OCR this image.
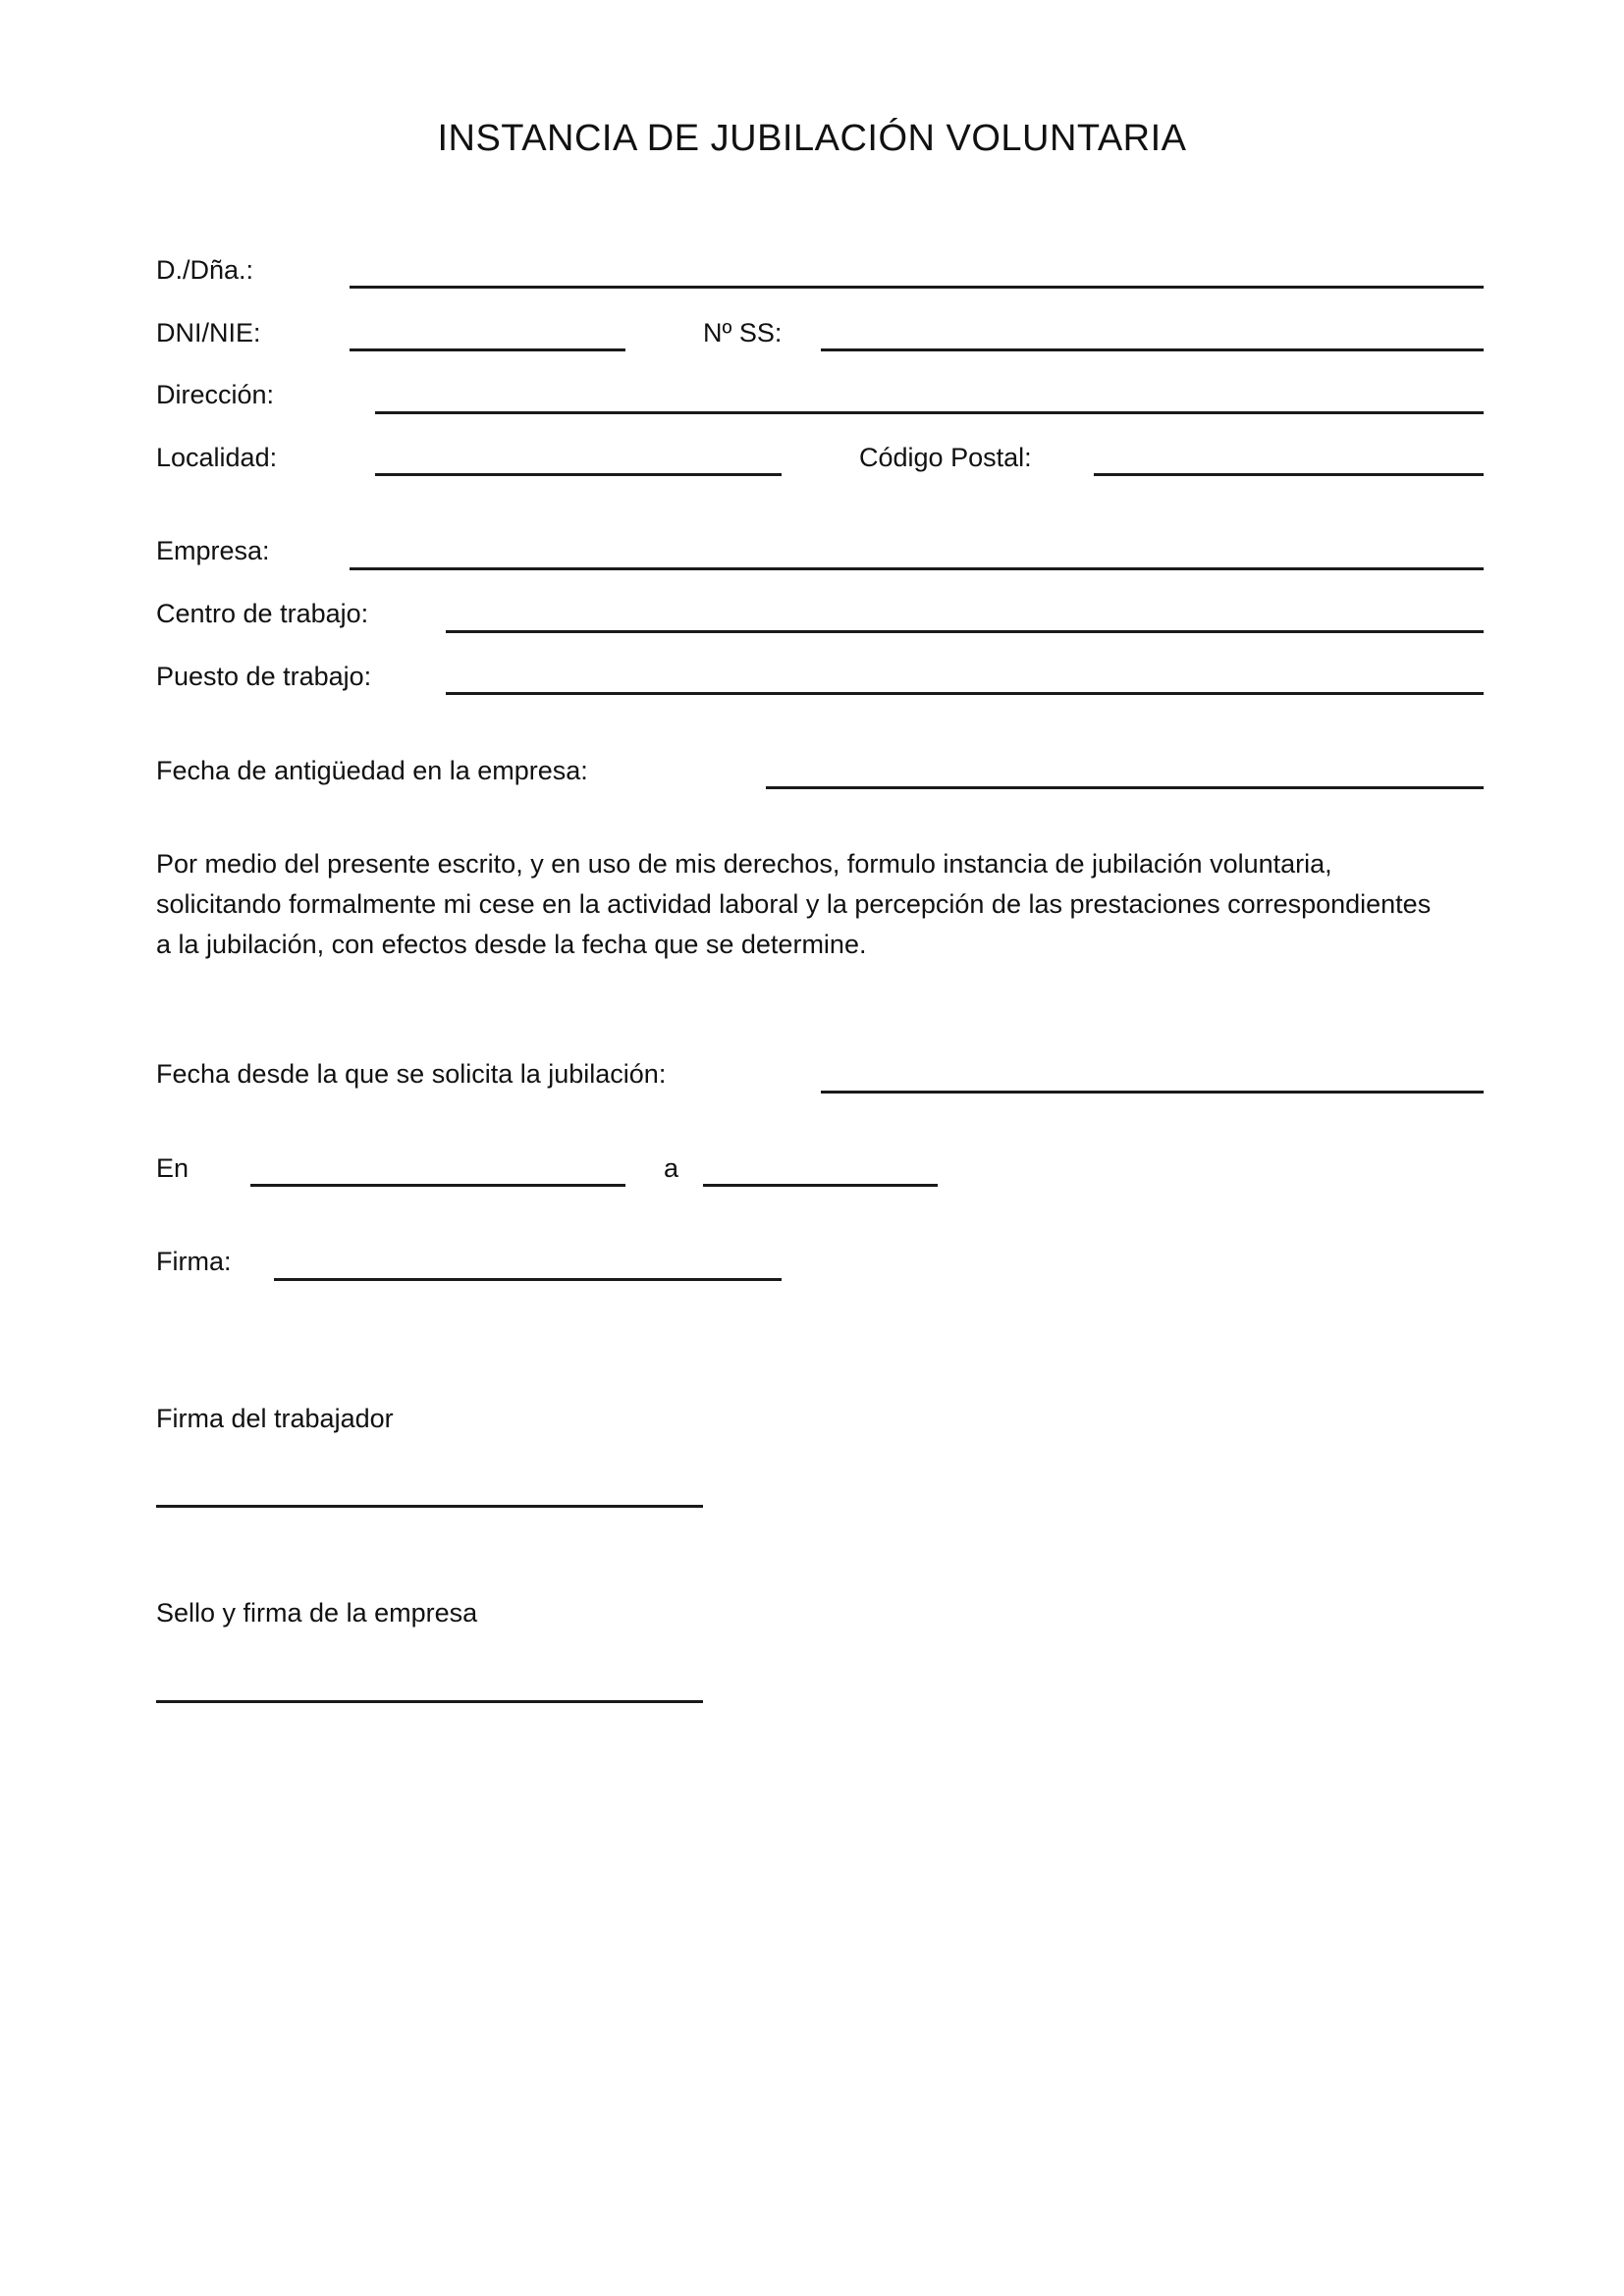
INSTANCIA DE JUBILACIÓN VOLUNTARIA
D./Dña.:
DNI/NIE:	Nº SS:
Dirección:
Localidad:	Código Postal:
Empresa:
Centro de trabajo:
Puesto de trabajo:
Fecha de antigüedad en la empresa:
Por medio del presente escrito, y en uso de mis derechos, formulo instancia de jubilación voluntaria,
solicitando formalmente mi cese en la actividad laboral y la percepción de las prestaciones correspondientes
a la jubilación, con efectos desde la fecha que se determine.
Fecha desde la que se solicita la jubilación:
En	a
Firma:
Firma del trabajador
Sello y firma de la empresa
